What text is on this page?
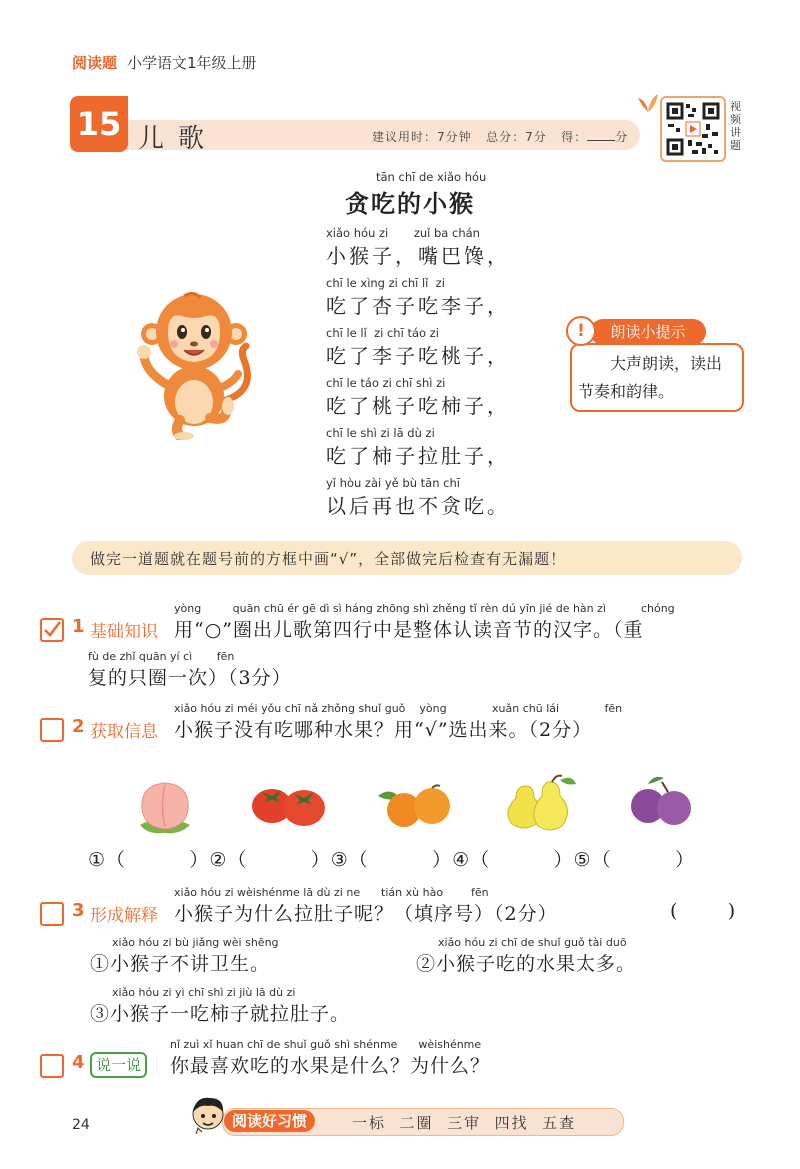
阅读题 小学语文1年级上册
15 儿歌	建议用时：7分钟 总分：7分 得： 分
视频讲题
tān chī de xiǎo hóu
贪吃的小猴
xiǎo hóu zi       zuǐ ba chán
小猴子，嘴巴馋，
chī le xìng zi chī lǐ  zi
吃了杏子吃李子，
chī le lǐ  zi chī táo zi
吃了李子吃桃子，
chī le táo zi chī shì zi
吃了桃子吃柿子，
chī le shì zi lā dù zi
吃了柿子拉肚子，
yǐ hòu zài yě bù tān chī
以后再也不贪吃。
朗读小提示
!
大声朗读，读出节奏和韵律。
做完一道题就在题号前的方框中画“√”，全部做完后检查有无漏题！
1 基础知识
yòng         quān chū ér gē dì sì háng zhōng shì zhěng tǐ rèn dú yīn jié de hàn zì          chóng
用“○”圈出儿歌第四行中是整体认读音节的汉字。（重
fù de zhǐ quān yí cì       fēn
复的只圈一次）（3分）
2 获取信息
xiǎo hóu zi méi yǒu chī nǎ zhǒng shuǐ guǒ    yòng             xuǎn chū lái             fēn
小猴子没有吃哪种水果？用“√”选出来。（2分）
①（         ）②（         ）③（         ）④（         ）⑤（         ）
3 形成解释
xiǎo hóu zi wèishénme lā dù zi ne      tián xù hào        fēn
小猴子为什么拉肚子呢？（填序号）（2分）	(       )
xiǎo hóu zi bù jiǎng wèi shēng
①小猴子不讲卫生。
xiǎo hóu zi chī de shuǐ guǒ tài duō
②小猴子吃的水果太多。
xiǎo hóu zi yì chī shì zi jiù lā dù zi
③小猴子一吃柿子就拉肚子。
4 说一说
nǐ zuì xǐ huan chī de shuǐ guǒ shì shénme      wèishénme
你最喜欢吃的水果是什么？为什么？
24	阅读好习惯	一标  二圈  三审  四找  五查
